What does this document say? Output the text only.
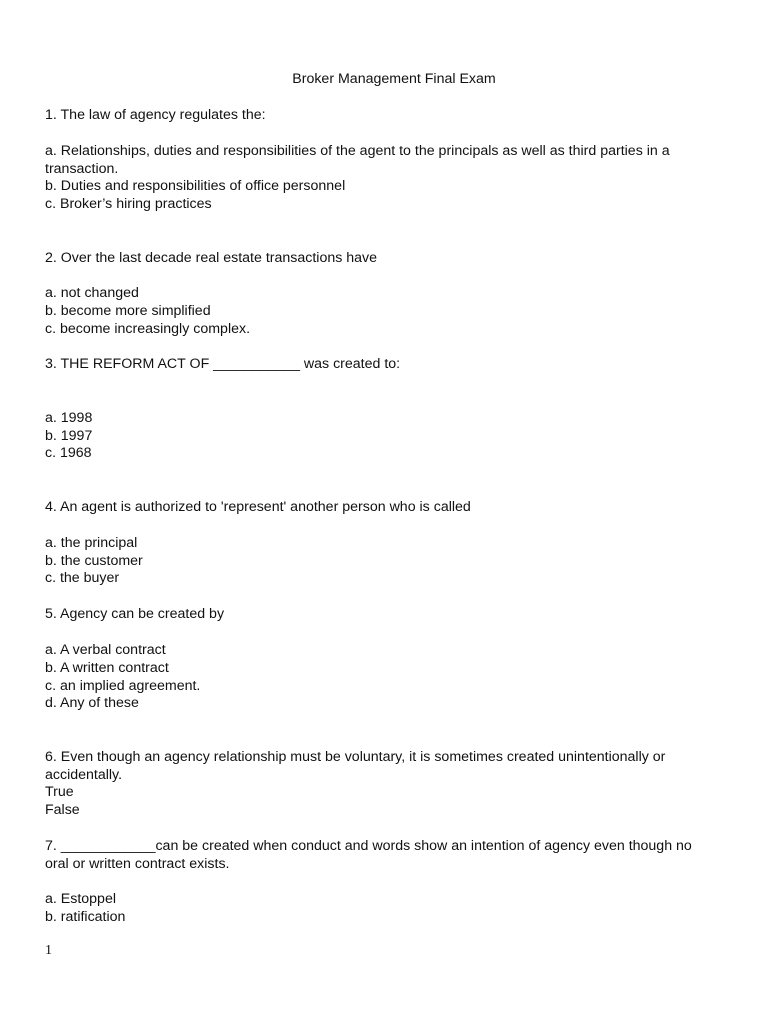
Broker Management Final Exam
1. The law of agency regulates the:
a. Relationships, duties and responsibilities of the agent to the principals as well as third parties in a
transaction.
b. Duties and responsibilities of office personnel
c. Broker’s hiring practices
2. Over the last decade real estate transactions have
a. not changed
b. become more simplified
c. become increasingly complex.
3. THE REFORM ACT OF ___________ was created to:
a. 1998
b. 1997
c. 1968
4. An agent is authorized to 'represent' another person who is called
a. the principal
b. the customer
c. the buyer
5. Agency can be created by
a. A verbal contract
b. A written contract
c. an implied agreement.
d. Any of these
6. Even though an agency relationship must be voluntary, it is sometimes created unintentionally or
accidentally.
True
False
7. ____________can be created when conduct and words show an intention of agency even though no
oral or written contract exists.
a. Estoppel
b. ratification
1
